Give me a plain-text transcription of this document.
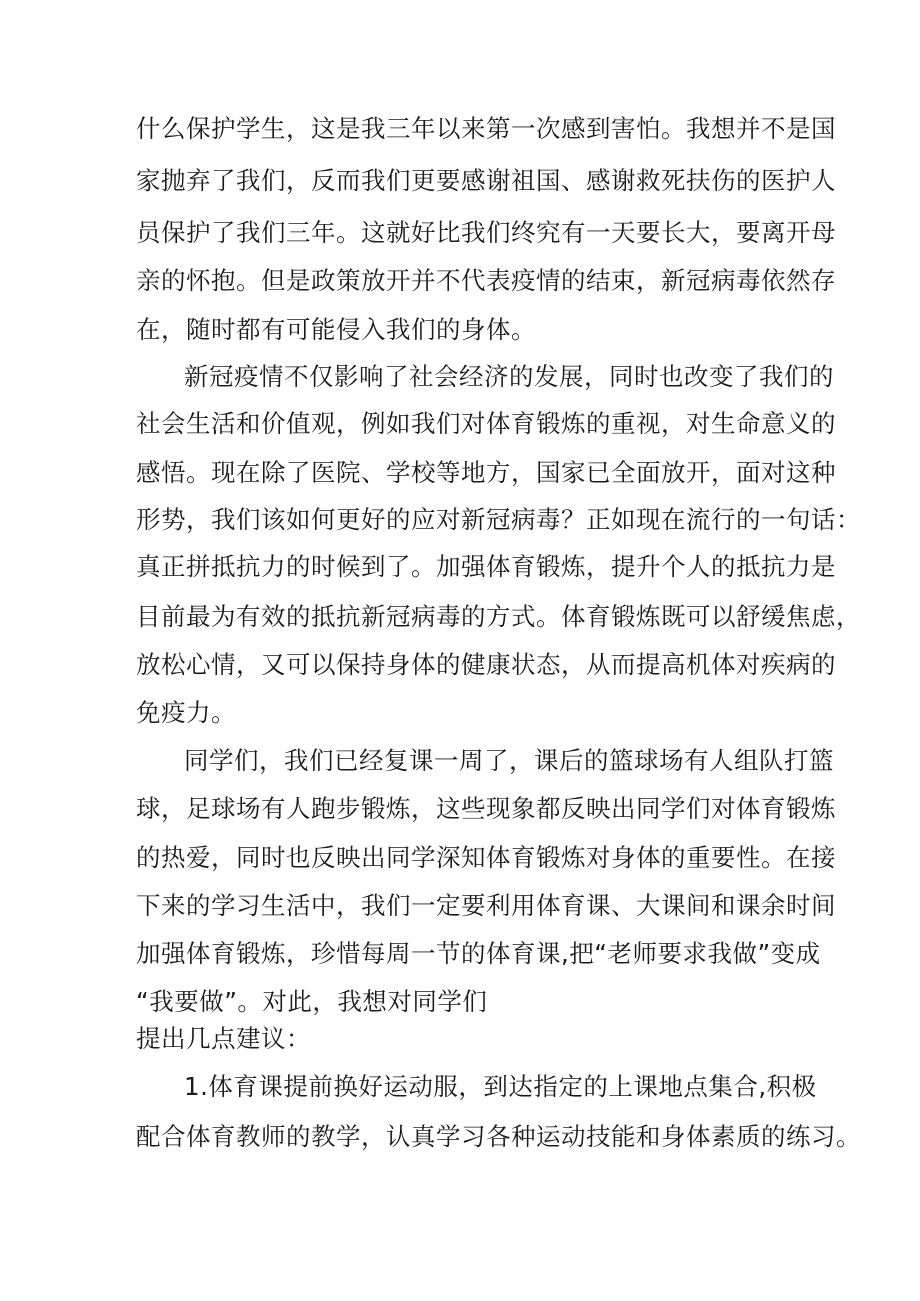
什么保护学生，这是我三年以来第一次感到害怕。我想并不是国
家抛弃了我们，反而我们更要感谢祖国、感谢救死扶伤的医护人
员保护了我们三年。这就好比我们终究有一天要长大，要离开母
亲的怀抱。但是政策放开并不代表疫情的结束，新冠病毒依然存
在，随时都有可能侵入我们的身体。
新冠疫情不仅影响了社会经济的发展，同时也改变了我们的
社会生活和价值观，例如我们对体育锻炼的重视，对生命意义的
感悟。现在除了医院、学校等地方，国家已全面放开，面对这种
形势，我们该如何更好的应对新冠病毒？正如现在流行的一句话：
真正拼抵抗力的时候到了。加强体育锻炼，提升个人的抵抗力是
目前最为有效的抵抗新冠病毒的方式。体育锻炼既可以舒缓焦虑，
放松心情，又可以保持身体的健康状态，从而提高机体对疾病的
免疫力。
同学们，我们已经复课一周了，课后的篮球场有人组队打篮
球，足球场有人跑步锻炼，这些现象都反映出同学们对体育锻炼
的热爱，同时也反映出同学深知体育锻炼对身体的重要性。在接
下来的学习生活中，我们一定要利用体育课、大课间和课余时间
加强体育锻炼，珍惜每周一节的体育课,把“老师要求我做”变成
“我要做”。对此，我想对同学们
提出几点建议：
1.体育课提前换好运动服，到达指定的上课地点集合,积极
配合体育教师的教学，认真学习各种运动技能和身体素质的练习。
